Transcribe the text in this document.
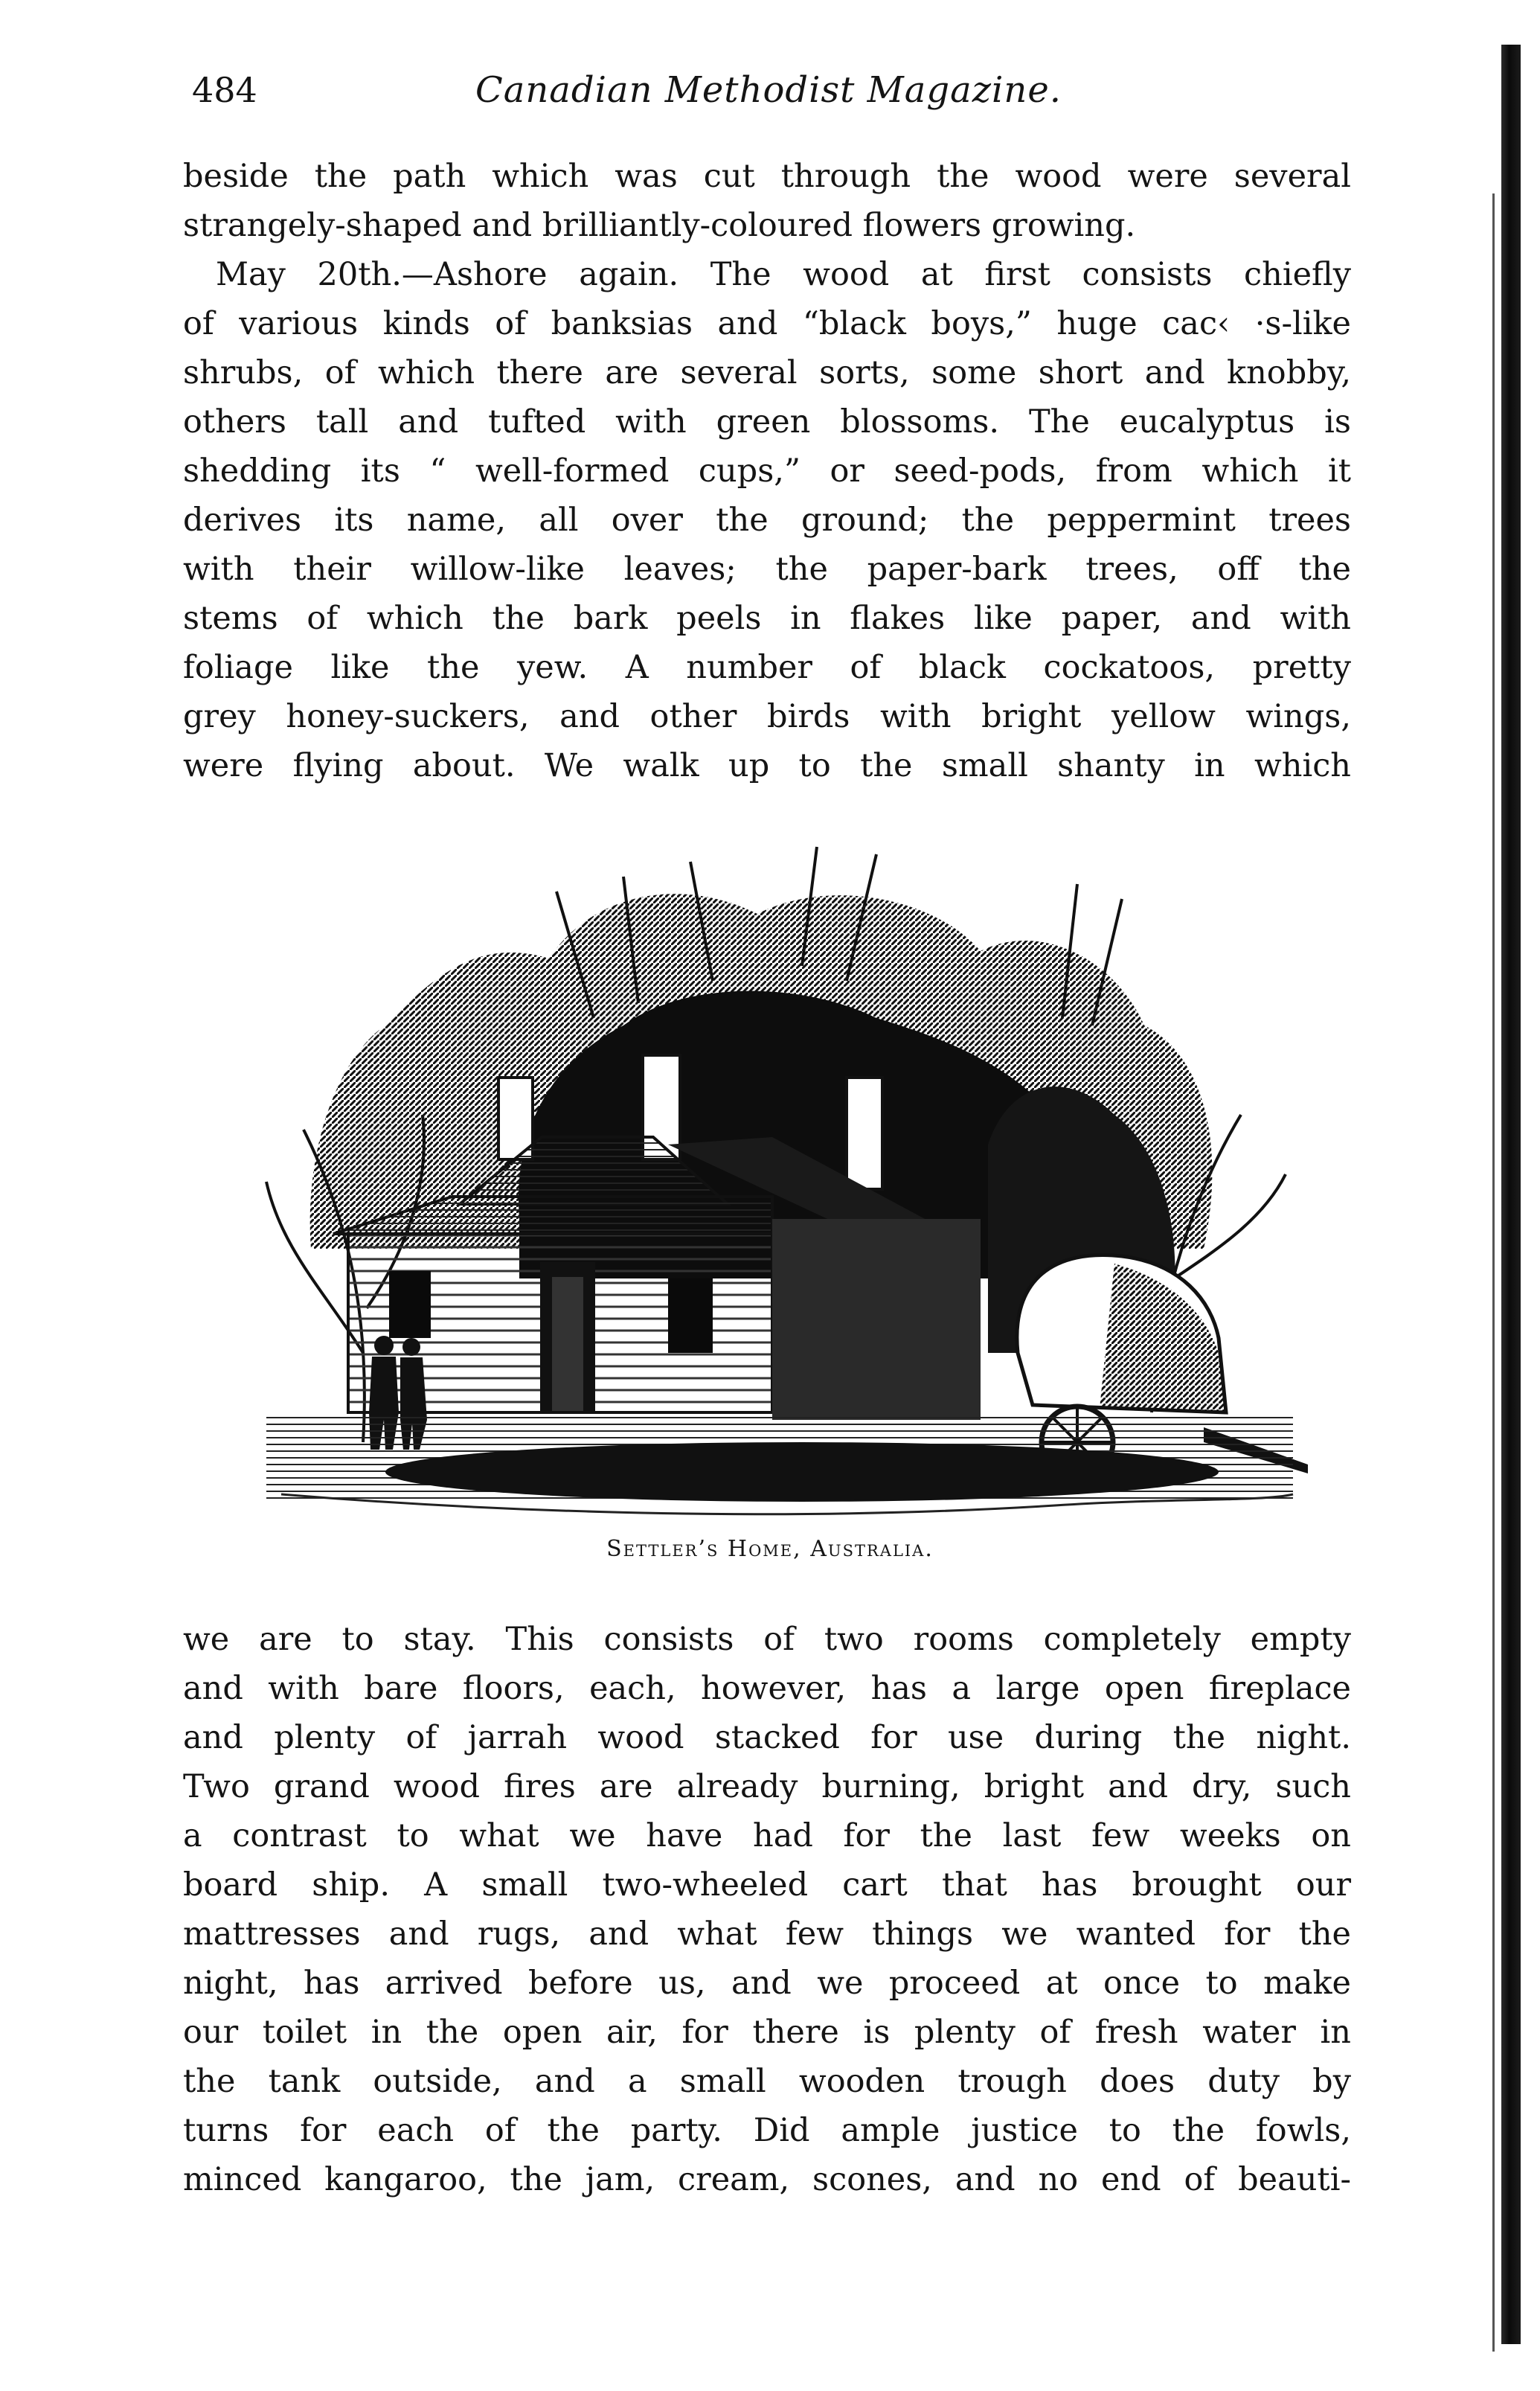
484	Canadian Methodist Magazine.

beside the path which was cut through the wood were several
strangely-shaped and brilliantly-coloured flowers growing.

May 20th.—Ashore again. The wood at first consists chiefly
of various kinds of banksias and “black boys,” huge cac‹ ·s-like
shrubs, of which there are several sorts, some short and knobby,
others tall and tufted with green blossoms. The eucalyptus is
shedding its “ well-formed cups,” or seed-pods, from which it
derives its name, all over the ground; the peppermint trees
with their willow-like leaves; the paper-bark trees, off the
stems of which the bark peels in flakes like paper, and with
foliage like the yew. A number of black cockatoos, pretty
grey honey-suckers, and other birds with bright yellow wings,
were flying about. We walk up to the small shanty in which

Settler’s Home, Australia.

we are to stay. This consists of two rooms completely empty
and with bare floors, each, however, has a large open fireplace
and plenty of jarrah wood stacked for use during the night.
Two grand wood fires are already burning, bright and dry, such
a contrast to what we have had for the last few weeks on
board ship. A small two-wheeled cart that has brought our
mattresses and rugs, and what few things we wanted for the
night, has arrived before us, and we proceed at once to make
our toilet in the open air, for there is plenty of fresh water in
the tank outside, and a small wooden trough does duty by
turns for each of the party. Did ample justice to the fowls,
minced kangaroo, the jam, cream, scones, and no end of beauti-
